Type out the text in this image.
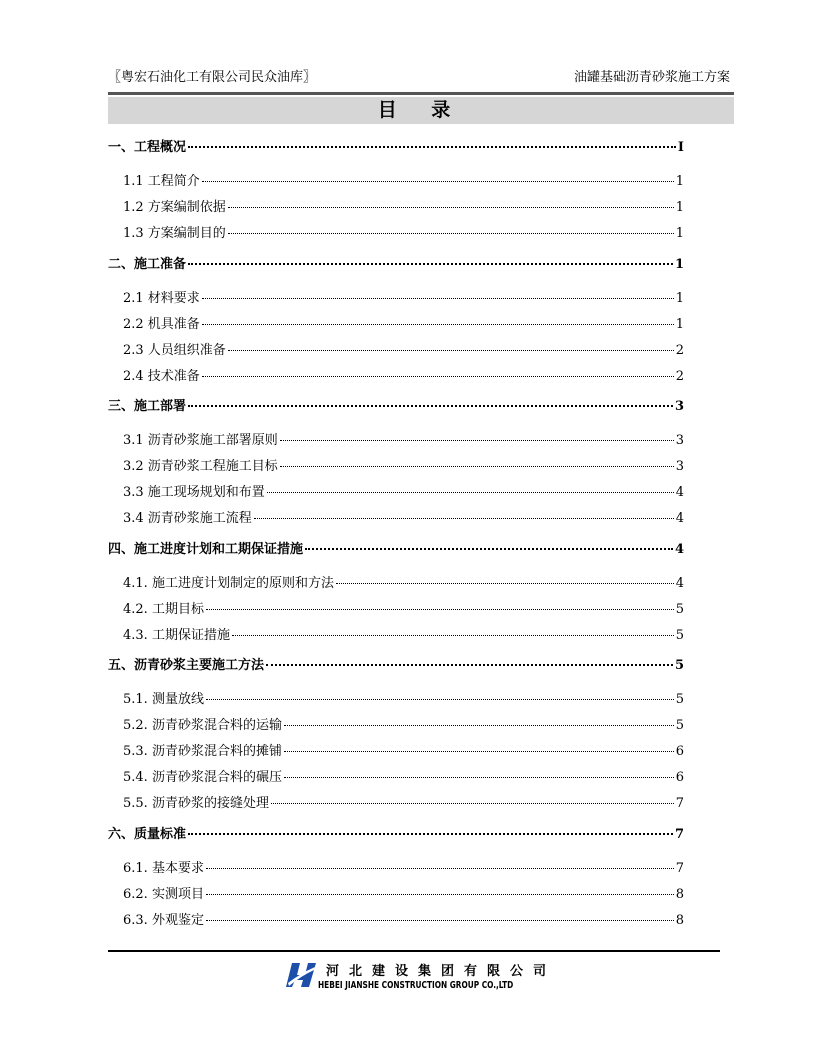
〖粤宏石油化工有限公司民众油库〗	油罐基础沥青砂浆施工方案
目 录
一、工程概况	I
1.1 工程简介	1
1.2 方案编制依据	1
1.3 方案编制目的	1
二、施工准备	1
2.1 材料要求	1
2.2 机具准备	1
2.3 人员组织准备	2
2.4 技术准备	2
三、施工部署	3
3.1 沥青砂浆施工部署原则	3
3.2 沥青砂浆工程施工目标	3
3.3 施工现场规划和布置	4
3.4 沥青砂浆施工流程	4
四、施工进度计划和工期保证措施	4
4.1. 施工进度计划制定的原则和方法	4
4.2. 工期目标	5
4.3. 工期保证措施	5
五、沥青砂浆主要施工方法	5
5.1. 测量放线	5
5.2. 沥青砂浆混合料的运输	5
5.3. 沥青砂浆混合料的摊铺	6
5.4. 沥青砂浆混合料的碾压	6
5.5. 沥青砂浆的接缝处理	7
六、质量标准	7
6.1. 基本要求	7
6.2. 实测项目	8
6.3. 外观鉴定	8
河北建设集团有限公司
HEBEI JIANSHE CONSTRUCTION GROUP CO.,LTD
